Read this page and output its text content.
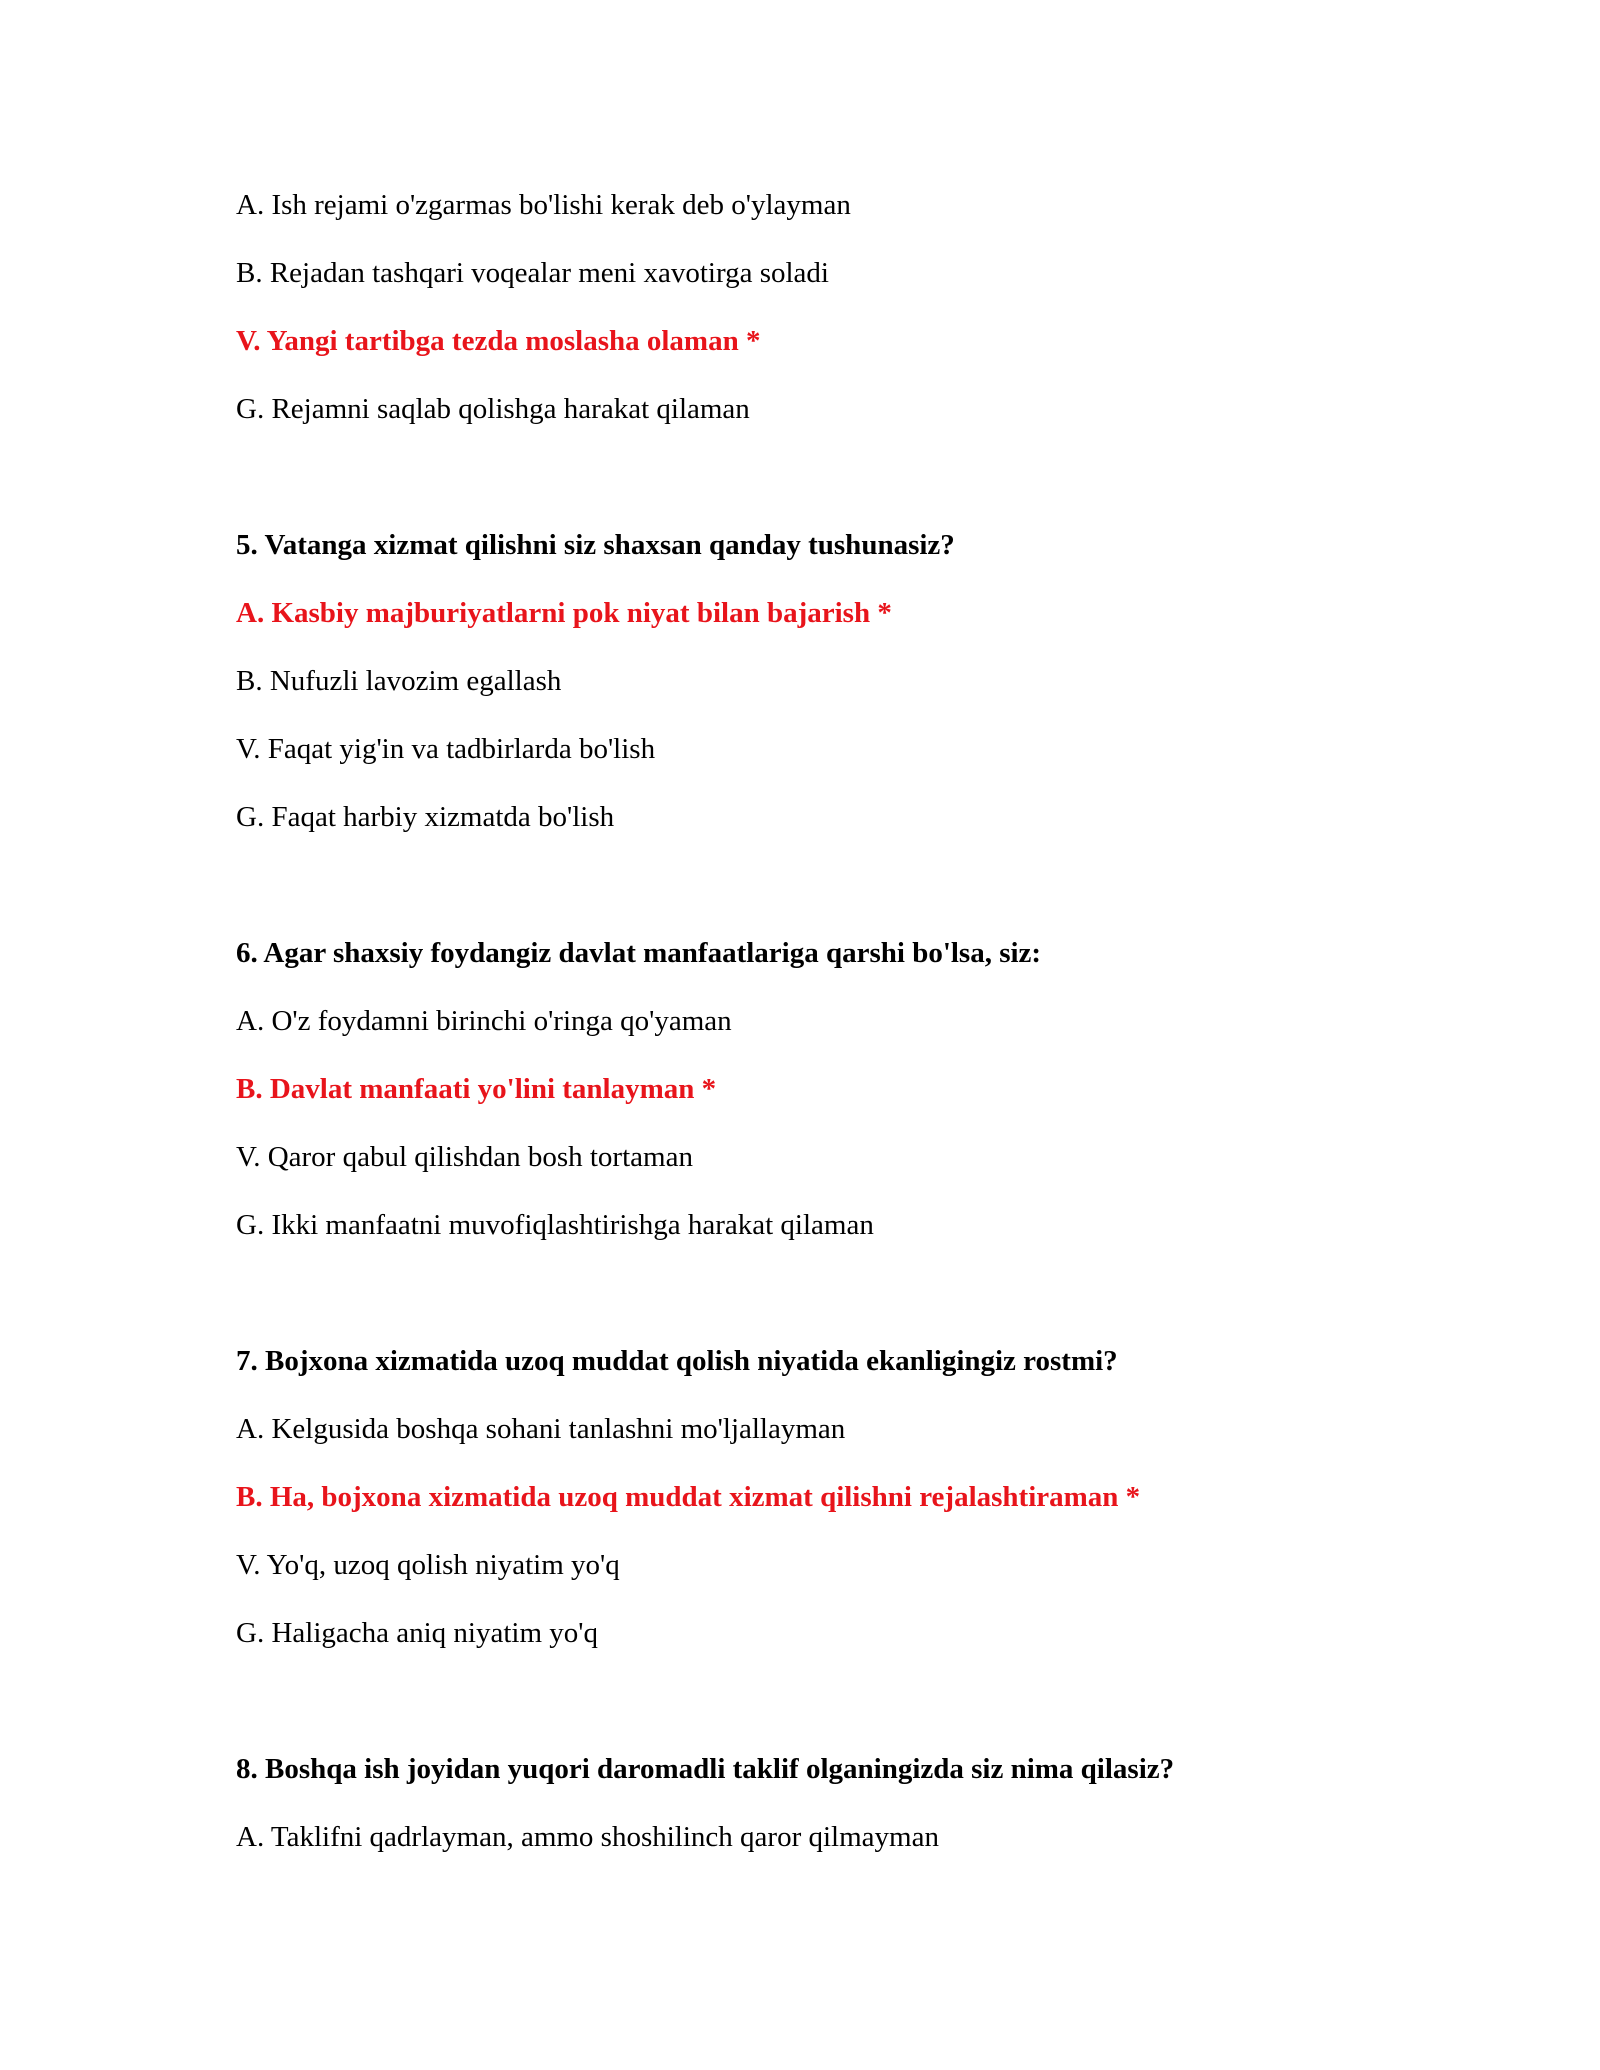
A. Ish rejami o'zgarmas bo'lishi kerak deb o'ylayman
B. Rejadan tashqari voqealar meni xavotirga soladi
V. Yangi tartibga tezda moslasha olaman *
G. Rejamni saqlab qolishga harakat qilaman
5. Vatanga xizmat qilishni siz shaxsan qanday tushunasiz?
A. Kasbiy majburiyatlarni pok niyat bilan bajarish *
B. Nufuzli lavozim egallash
V. Faqat yig'in va tadbirlarda bo'lish
G. Faqat harbiy xizmatda bo'lish
6. Agar shaxsiy foydangiz davlat manfaatlariga qarshi bo'lsa, siz:
A. O'z foydamni birinchi o'ringa qo'yaman
B. Davlat manfaati yo'lini tanlayman *
V. Qaror qabul qilishdan bosh tortaman
G. Ikki manfaatni muvofiqlashtirishga harakat qilaman
7. Bojxona xizmatida uzoq muddat qolish niyatida ekanligingiz rostmi?
A. Kelgusida boshqa sohani tanlashni mo'ljallayman
B. Ha, bojxona xizmatida uzoq muddat xizmat qilishni rejalashtiraman *
V. Yo'q, uzoq qolish niyatim yo'q
G. Haligacha aniq niyatim yo'q
8. Boshqa ish joyidan yuqori daromadli taklif olganingizda siz nima qilasiz?
A. Taklifni qadrlayman, ammo shoshilinch qaror qilmayman
